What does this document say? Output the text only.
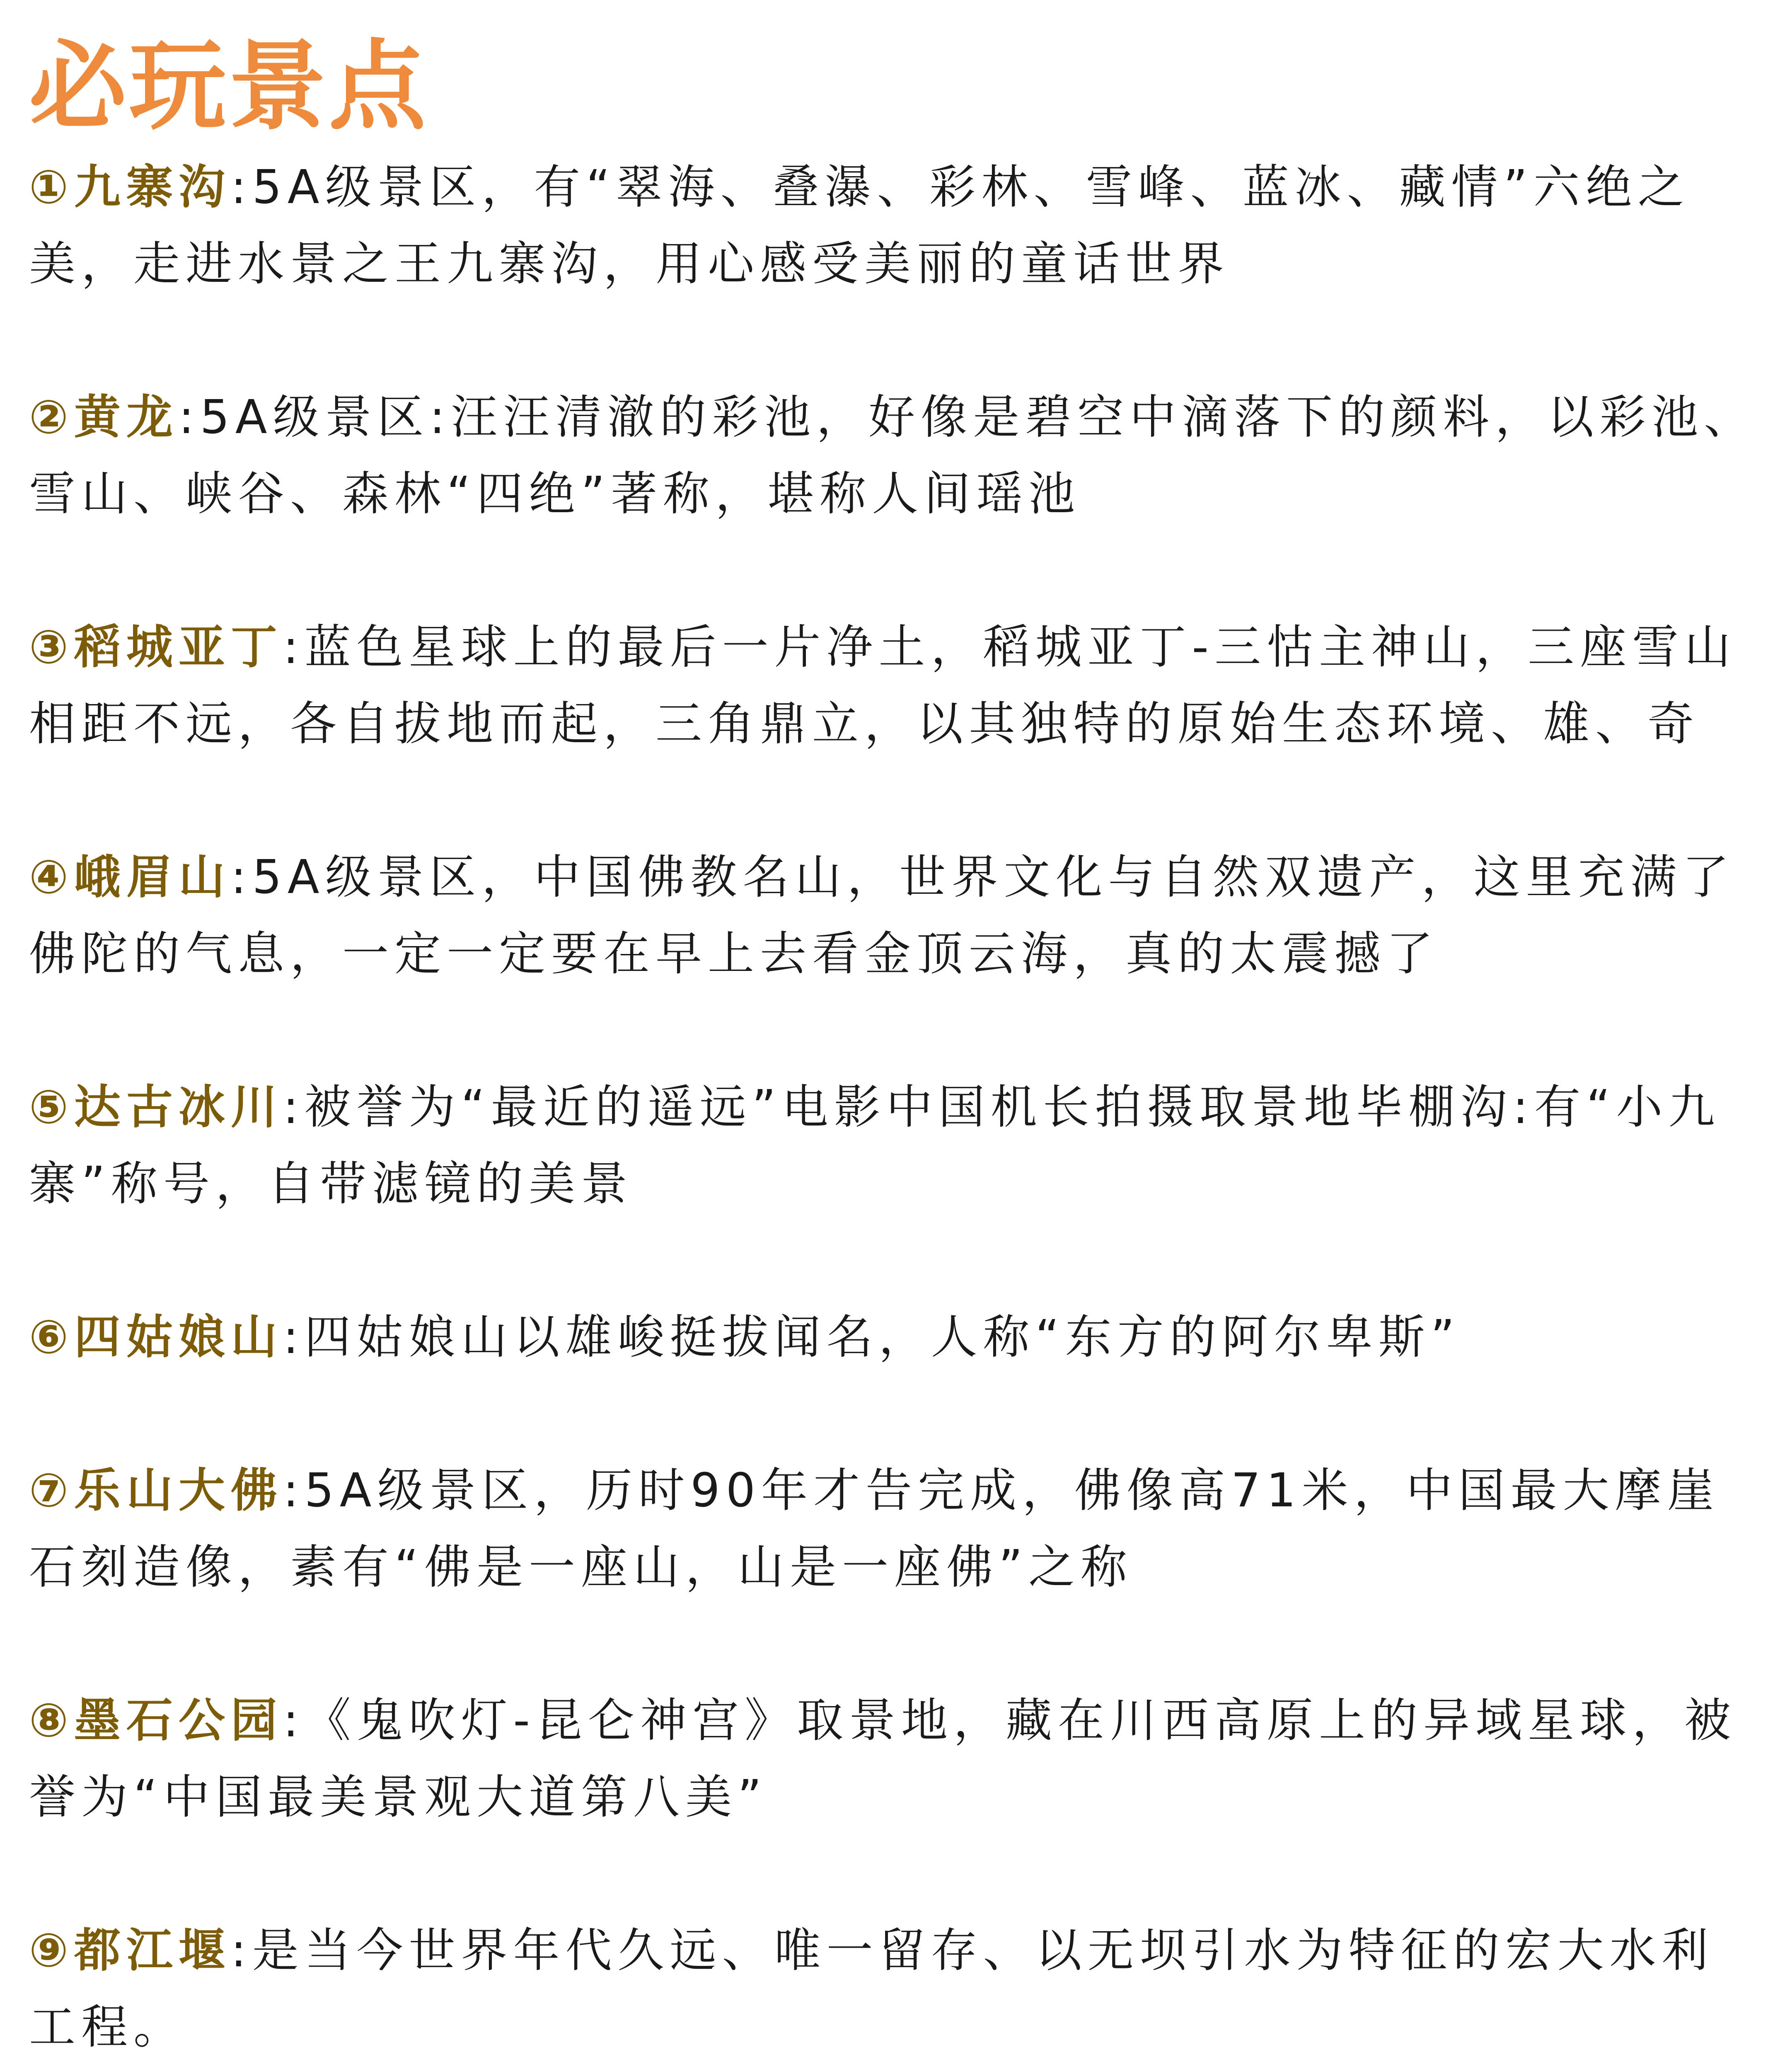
必玩景点
①九寨沟:5A级景区，有“翠海、叠瀑、彩林、雪峰、蓝冰、藏情”六绝之美，走进水景之王九寨沟，用心感受美丽的童话世界
②黄龙:5A级景区:汪汪清澈的彩池，好像是碧空中滴落下的颜料，以彩池、雪山、峡谷、森林“四绝”著称，堪称人间瑶池
③稻城亚丁:蓝色星球上的最后一片净土，稻城亚丁-三怙主神山，三座雪山相距不远，各自拔地而起，三角鼎立，以其独特的原始生态环境、雄、奇
④峨眉山:5A级景区，中国佛教名山，世界文化与自然双遗产，这里充满了佛陀的气息，一定一定要在早上去看金顶云海，真的太震撼了
⑤达古冰川:被誉为“最近的遥远”电影中国机长拍摄取景地毕棚沟:有“小九寨”称号，自带滤镜的美景
⑥四姑娘山:四姑娘山以雄峻挺拔闻名，人称“东方的阿尔卑斯”
⑦乐山大佛:5A级景区，历时90年才告完成，佛像高71米，中国最大摩崖石刻造像，素有“佛是一座山，山是一座佛”之称
⑧墨石公园:《鬼吹灯-昆仑神宫》取景地，藏在川西高原上的异域星球，被誉为“中国最美景观大道第八美”
⑨都江堰:是当今世界年代久远、唯一留存、以无坝引水为特征的宏大水利工程。
